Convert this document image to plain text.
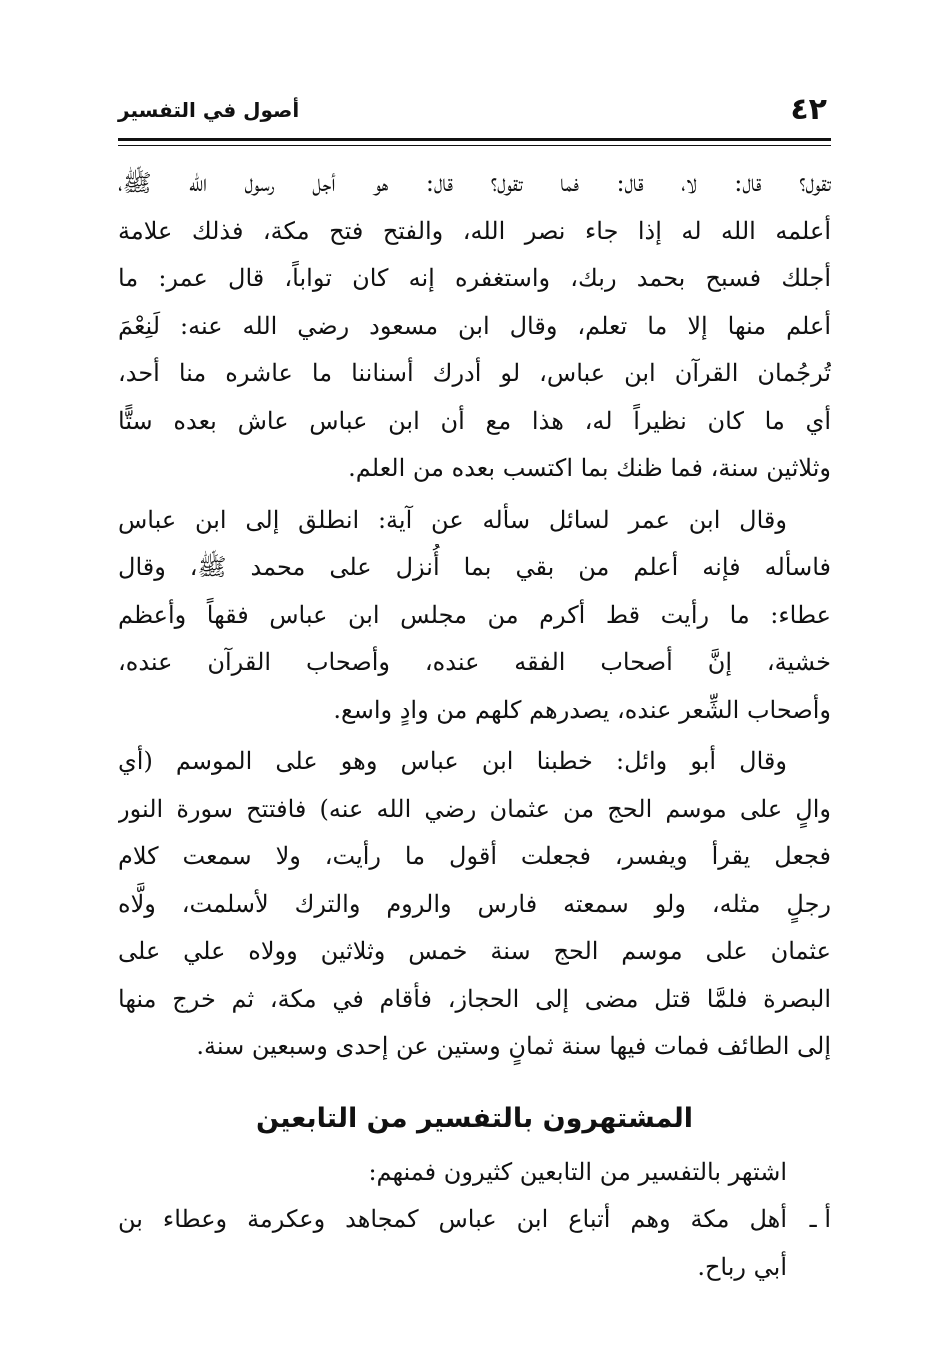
٤٢
أصول في التفسير
تقول؟ قال: لا، قال: فما تقول؟ قال: هو أجل رسول الله ﷺ،
أعلمه الله له إذا جاء نصر الله، والفتح فتح مكة، فذلك علامة
أجلك فسبح بحمد ربك، واستغفره إنه كان تواباً، قال عمر: ما
أعلم منها إلا ما تعلم، وقال ابن مسعود رضي الله عنه: لَنِعْمَ
تُرجُمان القرآن ابن عباس، لو أدرك أسناننا ما عاشره منا أحد،
أي ما كان نظيراً له، هذا مع أن ابن عباس عاش بعده ستًّا
وثلاثين سنة، فما ظنك بما اكتسب بعده من العلم.
وقال ابن عمر لسائل سأله عن آية: انطلق إلى ابن عباس
فاسأله فإنه أعلم من بقي بما أُنزل على محمد ﷺ، وقال
عطاء: ما رأيت قط أكرم من مجلس ابن عباس فقهاً وأعظم
خشية، إنَّ أصحاب الفقه عنده، وأصحاب القرآن عنده،
وأصحاب الشِّعر عنده، يصدرهم كلهم من وادٍ واسع.
وقال أبو وائل: خطبنا ابن عباس وهو على الموسم (أي
والٍ على موسم الحج من عثمان رضي الله عنه) فافتتح سورة النور
فجعل يقرأ ويفسر، فجعلت أقول ما رأيت، ولا سمعت كلام
رجلٍ مثله، ولو سمعته فارس والروم والترك لأسلمت، ولَّاه
عثمان على موسم الحج سنة خمس وثلاثين وولاه علي على
البصرة فلمَّا قتل مضى إلى الحجاز، فأقام في مكة، ثم خرج منها
إلى الطائف فمات فيها سنة ثمانٍ وستين عن إحدى وسبعين سنة.
المشتهرون بالتفسير من التابعين
اشتهر بالتفسير من التابعين كثيرون فمنهم:
أ ـ
أهل مكة وهم أتباع ابن عباس كمجاهد وعكرمة وعطاء بن
أبي رباح.
